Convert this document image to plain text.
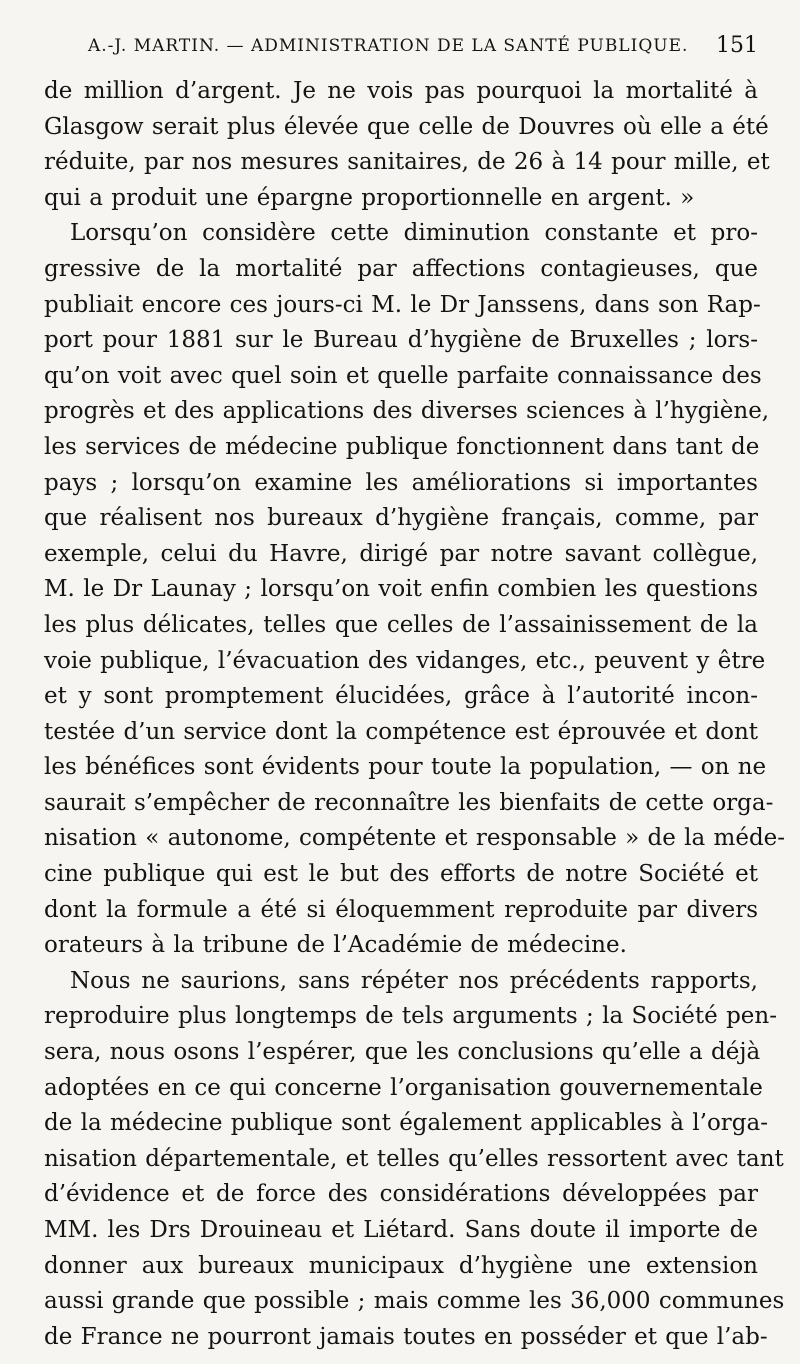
A.-J. MARTIN. — ADMINISTRATION DE LA SANTÉ PUBLIQUE. 151
de million d’argent. Je ne vois pas pourquoi la mortalité à
Glasgow serait plus élevée que celle de Douvres où elle a été
réduite, par nos mesures sanitaires, de 26 à 14 pour mille, et
qui a produit une épargne proportionnelle en argent. »
Lorsqu’on considère cette diminution constante et pro-
gressive de la mortalité par affections contagieuses, que
publiait encore ces jours-ci M. le Dr Janssens, dans son Rap-
port pour 1881 sur le Bureau d’hygiène de Bruxelles ; lors-
qu’on voit avec quel soin et quelle parfaite connaissance des
progrès et des applications des diverses sciences à l’hygiène,
les services de médecine publique fonctionnent dans tant de
pays ; lorsqu’on examine les améliorations si importantes
que réalisent nos bureaux d’hygiène français, comme, par
exemple, celui du Havre, dirigé par notre savant collègue,
M. le Dr Launay ; lorsqu’on voit enfin combien les questions
les plus délicates, telles que celles de l’assainissement de la
voie publique, l’évacuation des vidanges, etc., peuvent y être
et y sont promptement élucidées, grâce à l’autorité incon-
testée d’un service dont la compétence est éprouvée et dont
les bénéfices sont évidents pour toute la population, — on ne
saurait s’empêcher de reconnaître les bienfaits de cette orga-
nisation « autonome, compétente et responsable » de la méde-
cine publique qui est le but des efforts de notre Société et
dont la formule a été si éloquemment reproduite par divers
orateurs à la tribune de l’Académie de médecine.
Nous ne saurions, sans répéter nos précédents rapports,
reproduire plus longtemps de tels arguments ; la Société pen-
sera, nous osons l’espérer, que les conclusions qu’elle a déjà
adoptées en ce qui concerne l’organisation gouvernementale
de la médecine publique sont également applicables à l’orga-
nisation départementale, et telles qu’elles ressortent avec tant
d’évidence et de force des considérations développées par
MM. les Drs Drouineau et Liétard. Sans doute il importe de
donner aux bureaux municipaux d’hygiène une extension
aussi grande que possible ; mais comme les 36,000 communes
de France ne pourront jamais toutes en posséder et que l’ab-
